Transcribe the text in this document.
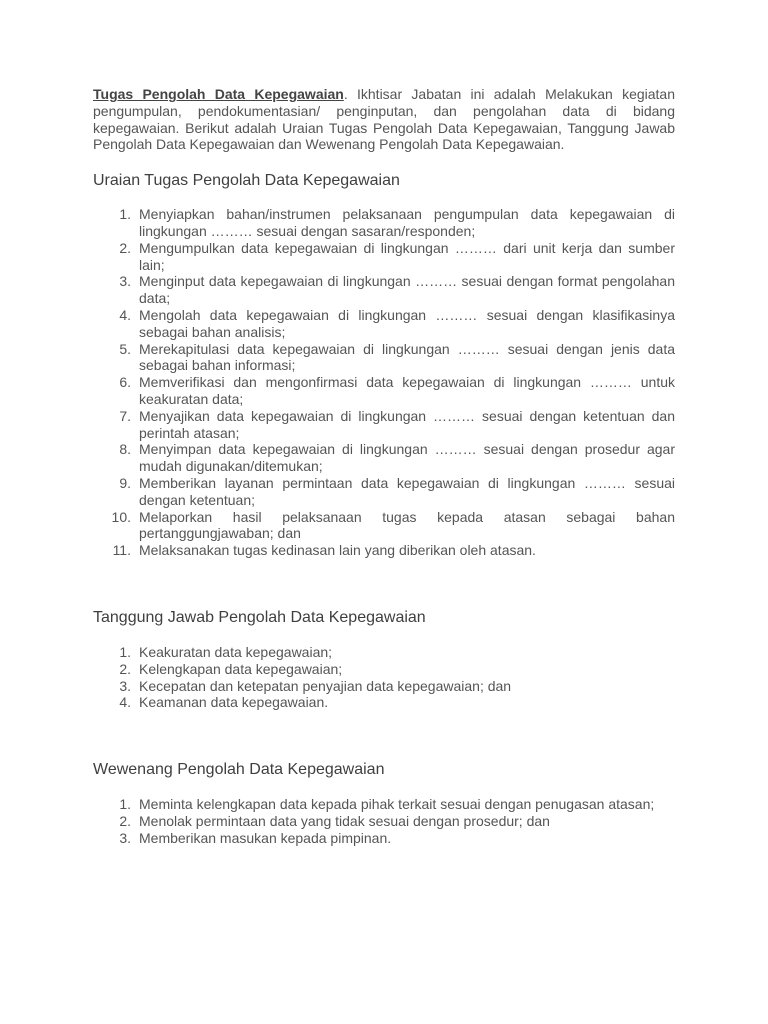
Tugas Pengolah Data Kepegawaian. Ikhtisar Jabatan ini adalah Melakukan kegiatan pengumpulan, pendokumentasian/ penginputan, dan pengolahan data di bidang kepegawaian. Berikut adalah Uraian Tugas Pengolah Data Kepegawaian, Tanggung Jawab Pengolah Data Kepegawaian dan Wewenang Pengolah Data Kepegawaian.

Uraian Tugas Pengolah Data Kepegawaian
1. Menyiapkan bahan/instrumen pelaksanaan pengumpulan data kepegawaian di lingkungan ……… sesuai dengan sasaran/responden;
2. Mengumpulkan data kepegawaian di lingkungan ……… dari unit kerja dan sumber lain;
3. Menginput data kepegawaian di lingkungan ……… sesuai dengan format pengolahan data;
4. Mengolah data kepegawaian di lingkungan ……… sesuai dengan klasifikasinya sebagai bahan analisis;
5. Merekapitulasi data kepegawaian di lingkungan ……… sesuai dengan jenis data sebagai bahan informasi;
6. Memverifikasi dan mengonfirmasi data kepegawaian di lingkungan ……… untuk keakuratan data;
7. Menyajikan data kepegawaian di lingkungan ……… sesuai dengan ketentuan dan perintah atasan;
8. Menyimpan data kepegawaian di lingkungan ……… sesuai dengan prosedur agar mudah digunakan/ditemukan;
9. Memberikan layanan permintaan data kepegawaian di lingkungan ……… sesuai dengan ketentuan;
10. Melaporkan hasil pelaksanaan tugas kepada atasan sebagai bahan pertanggungjawaban; dan
11. Melaksanakan tugas kedinasan lain yang diberikan oleh atasan.
Tanggung Jawab Pengolah Data Kepegawaian
1. Keakuratan data kepegawaian;
2. Kelengkapan data kepegawaian;
3. Kecepatan dan ketepatan penyajian data kepegawaian; dan
4. Keamanan data kepegawaian.
Wewenang Pengolah Data Kepegawaian
1. Meminta kelengkapan data kepada pihak terkait sesuai dengan penugasan atasan;
2. Menolak permintaan data yang tidak sesuai dengan prosedur; dan
3. Memberikan masukan kepada pimpinan.
